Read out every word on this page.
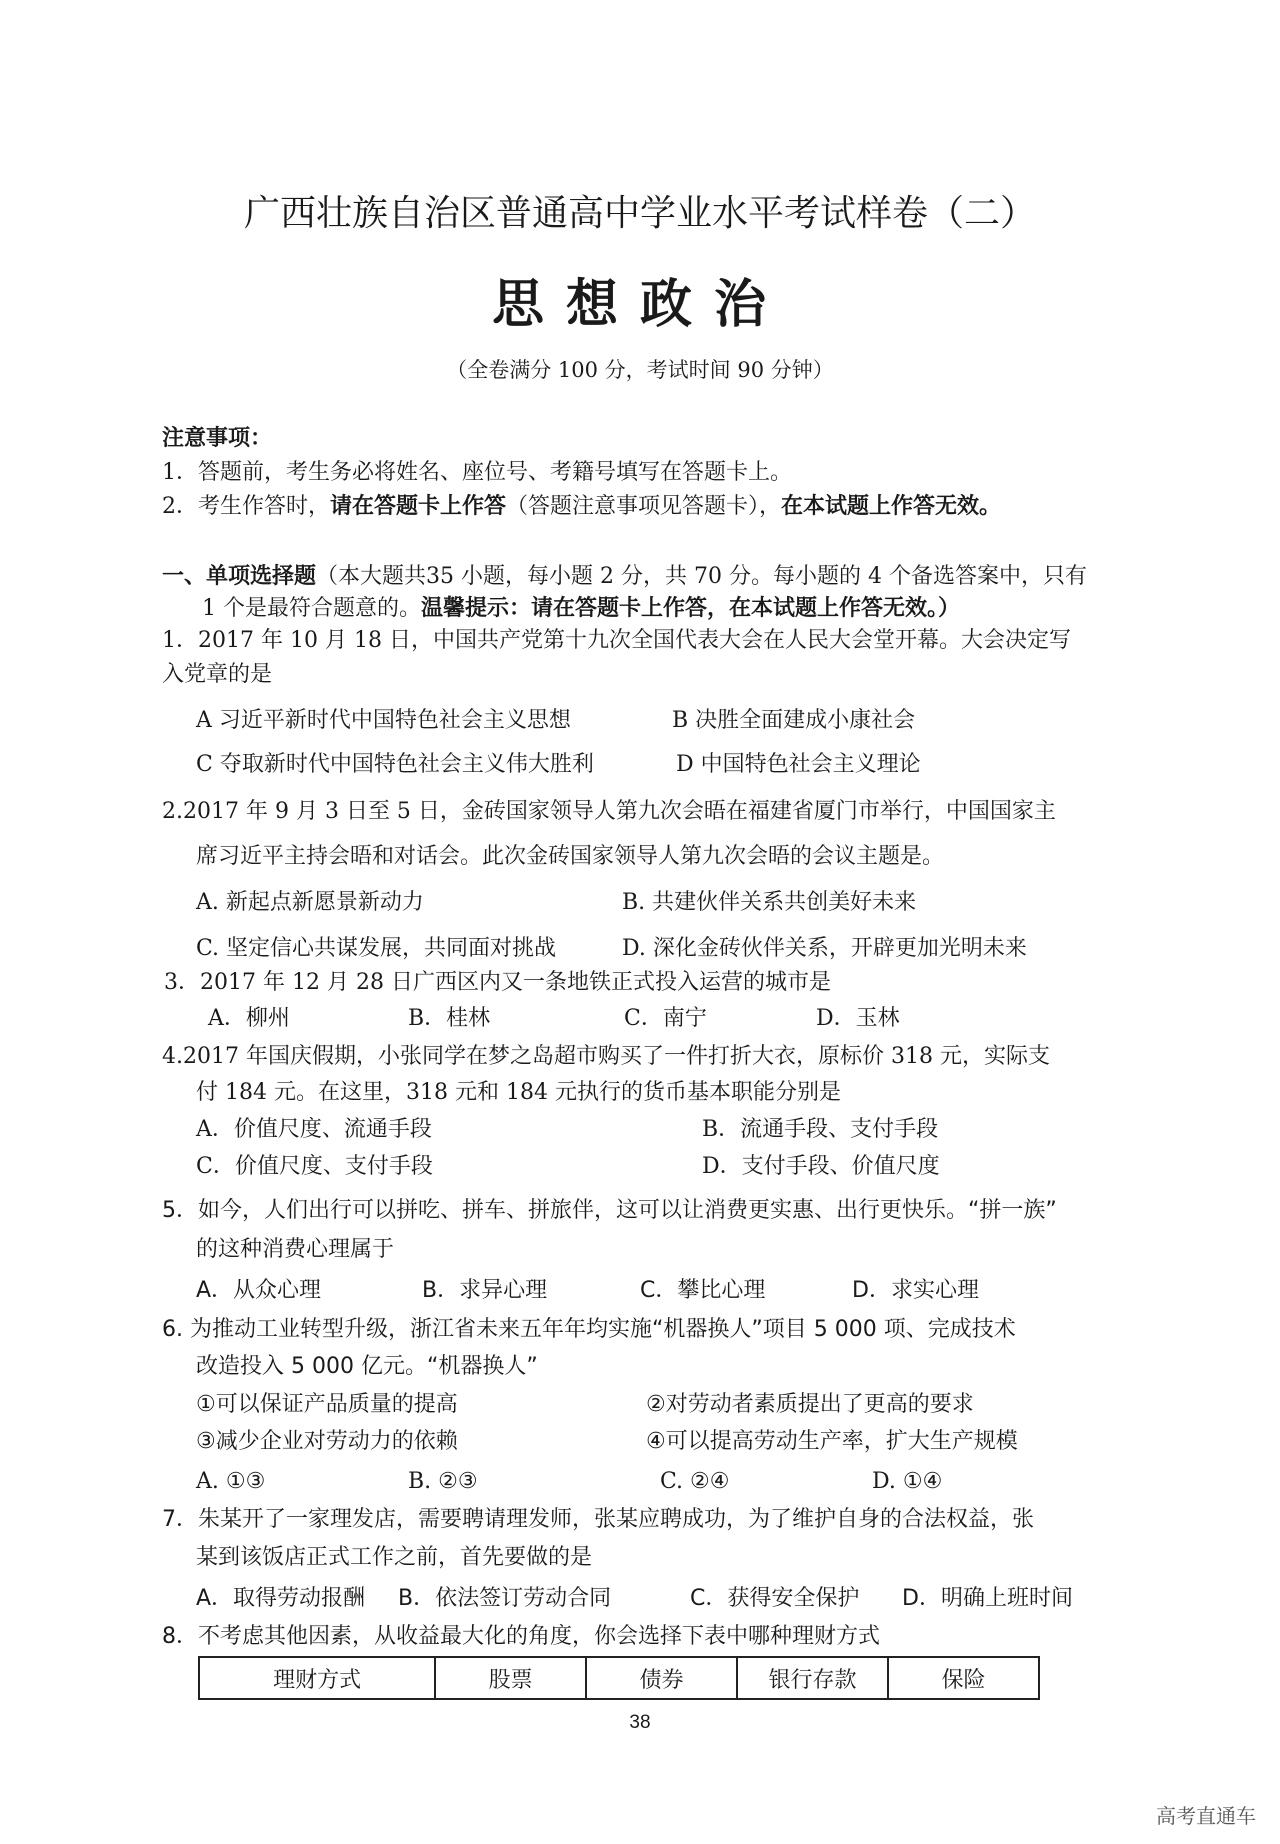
广西壮族自治区普通高中学业水平考试样卷（二）
思想政治
（全卷满分 100 分，考试时间 90 分钟）
注意事项：
1．答题前，考生务必将姓名、座位号、考籍号填写在答题卡上。
2．考生作答时，请在答题卡上作答（答题注意事项见答题卡），在本试题上作答无效。
一、单项选择题（本大题共35 小题，每小题 2 分，共 70 分。每小题的 4 个备选答案中，只有
1 个是最符合题意的。温馨提示：请在答题卡上作答，在本试题上作答无效。）
1．2017 年 10 月 18 日，中国共产党第十九次全国代表大会在人民大会堂开幕。大会决定写
入党章的是
A 习近平新时代中国特色社会主义思想	B 决胜全面建成小康社会
C 夺取新时代中国特色社会主义伟大胜利	D 中国特色社会主义理论
2.2017 年 9 月 3 日至 5 日，金砖国家领导人第九次会晤在福建省厦门市举行，中国国家主
席习近平主持会晤和对话会。此次金砖国家领导人第九次会晤的会议主题是。
A. 新起点新愿景新动力	B. 共建伙伴关系共创美好未来
C. 坚定信心共谋发展，共同面对挑战	D. 深化金砖伙伴关系，开辟更加光明未来
3．2017 年 12 月 28 日广西区内又一条地铁正式投入运营的城市是
A．柳州	B．桂林	C．南宁	D．玉林
4.2017 年国庆假期，小张同学在梦之岛超市购买了一件打折大衣，原标价 318 元，实际支
付 184 元。在这里，318 元和 184 元执行的货币基本职能分别是
A．价值尺度、流通手段	B．流通手段、支付手段
C．价值尺度、支付手段	D．支付手段、价值尺度
5．如今，人们出行可以拼吃、拼车、拼旅伴，这可以让消费更实惠、出行更快乐。“拼一族”
的这种消费心理属于
A．从众心理	B．求异心理	C．攀比心理	D．求实心理
6. 为推动工业转型升级，浙江省未来五年年均实施“机器换人”项目 5 000 项、完成技术
改造投入 5 000 亿元。“机器换人”
①可以保证产品质量的提高	②对劳动者素质提出了更高的要求
③减少企业对劳动力的依赖	④可以提高劳动生产率，扩大生产规模
A. ①③	B. ②③	C. ②④	D. ①④
7．朱某开了一家理发店，需要聘请理发师，张某应聘成功，为了维护自身的合法权益，张
某到该饭店正式工作之前，首先要做的是
A．取得劳动报酬 B．依法签订劳动合同	C．获得安全保护 D．明确上班时间
8．不考虑其他因素，从收益最大化的角度，你会选择下表中哪种理财方式
理财方式	股票	债券	银行存款	保险
38
高考直通车
